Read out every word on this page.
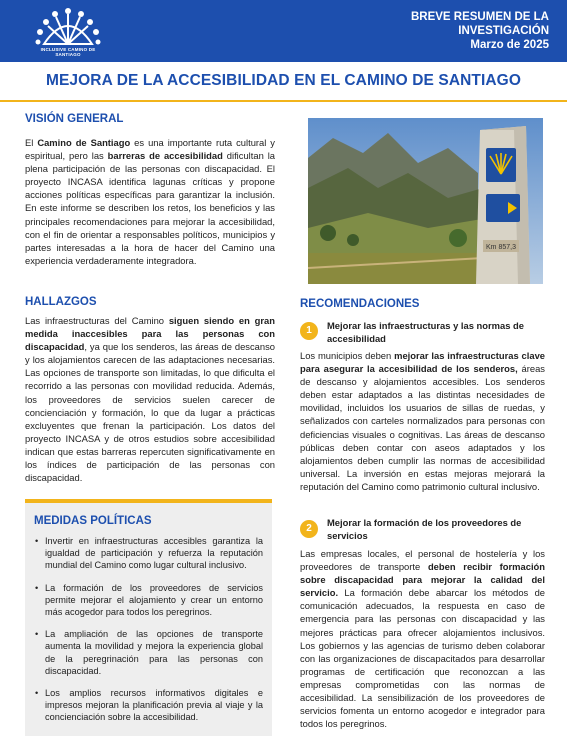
INCLUSIVE CAMINO DE SANTIAGO
BREVE RESUMEN DE LA
INVESTIGACIÓN
Marzo de 2025
MEJORA DE LA ACCESIBILIDAD EN EL CAMINO DE SANTIAGO
VISIÓN GENERAL
El Camino de Santiago es una importante ruta cultural y espiritual, pero las barreras de accesibilidad dificultan la plena participación de las personas con discapacidad. El proyecto INCASA identifica lagunas críticas y propone acciones políticas específicas para garantizar la inclusión. En este informe se describen los retos, los beneficios y las principales recomendaciones para mejorar la accesibilidad, con el fin de orientar a responsables políticos, municipios y partes interesadas a la hora de hacer del Camino una experiencia verdaderamente integradora.
HALLAZGOS
Las infraestructuras del Camino siguen siendo en gran medida inaccesibles para las personas con discapacidad, ya que los senderos, las áreas de descanso y los alojamientos carecen de las adaptaciones necesarias. Las opciones de transporte son limitadas, lo que dificulta el recorrido a las personas con movilidad reducida. Además, los proveedores de servicios suelen carecer de concienciación y formación, lo que da lugar a prácticas excluyentes que frenan la participación. Los datos del proyecto INCASA y de otros estudios sobre accesibilidad indican que estas barreras repercuten significativamente en los índices de participación de las personas con discapacidad.
Km 857,3
MEDIDAS POLÍTICAS
• Invertir en infraestructuras accesibles garantiza la igualdad de participación y refuerza la reputación mundial del Camino como lugar cultural inclusivo.
• La formación de los proveedores de servicios permite mejorar el alojamiento y crear un entorno más acogedor para todos los peregrinos.
• La ampliación de las opciones de transporte aumenta la movilidad y mejora la experiencia global de la peregrinación para las personas con discapacidad.
• Los amplios recursos informativos digitales e impresos mejoran la planificación previa al viaje y la concienciación sobre la accesibilidad.
RECOMENDACIONES
1	Mejorar las infraestructuras y las normas de accesibilidad
Los municipios deben mejorar las infraestructuras clave para asegurar la accesibilidad de los senderos, áreas de descanso y alojamientos accesibles. Los senderos deben estar adaptados a las distintas necesidades de movilidad, incluidos los usuarios de sillas de ruedas, y señalizados con carteles normalizados para personas con deficiencias visuales o cognitivas. Las áreas de descanso públicas deben contar con aseos adaptados y los alojamientos deben cumplir las normas de accesibilidad universal. La inversión en estas mejoras mejorará la reputación del Camino como patrimonio cultural inclusivo.
2
Mejorar la formación de los proveedores de servicios
Las empresas locales, el personal de hostelería y los proveedores de transporte deben recibir formación sobre discapacidad para mejorar la calidad del servicio. La formación debe abarcar los métodos de comunicación adecuados, la respuesta en caso de emergencia para las personas con discapacidad y las mejores prácticas para ofrecer alojamientos inclusivos. Los gobiernos y las agencias de turismo deben colaborar con las organizaciones de discapacitados para desarrollar programas de certificación que reconozcan a las empresas comprometidas con las normas de accesibilidad. La sensibilización de los proveedores de servicios fomenta un entorno acogedor e integrador para todos los peregrinos.
